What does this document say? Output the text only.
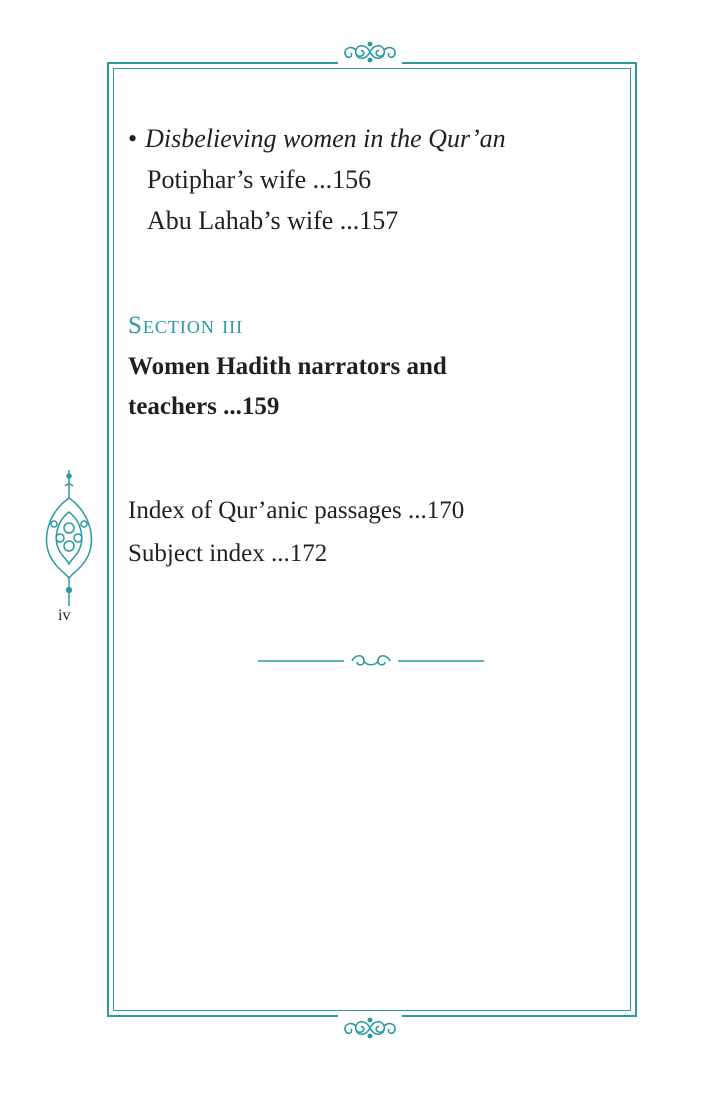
iv

• Disbelieving women in the Qur’an

Potiphar’s wife ...156

Abu Lahab’s wife ...157

Section iii

Women Hadith narrators and
teachers ...159

Index of Qur’anic passages ...170

Subject index ...172
